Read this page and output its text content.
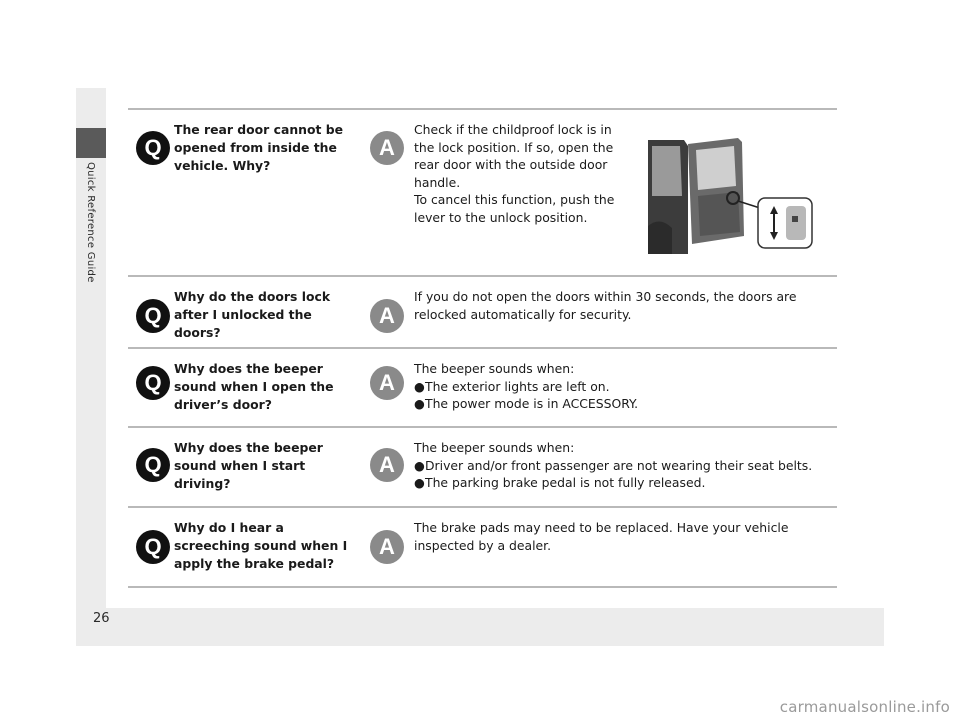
Quick Reference Guide
26
Q
The rear door cannot be opened from inside the vehicle. Why?
A
Check if the childproof lock is in
the lock position. If so, open the
rear door with the outside door
handle.
To cancel this function, push the
lever to the unlock position.
Q
Why do the doors lock after I unlocked the doors?
A
If you do not open the doors within 30 seconds, the doors are
relocked automatically for security.
Q
Why does the beeper sound when I open the driver’s door?
A
The beeper sounds when:
●The exterior lights are left on.
●The power mode is in ACCESSORY.
Q
Why does the beeper sound when I start driving?
A
The beeper sounds when:
●Driver and/or front passenger are not wearing their seat belts.
●The parking brake pedal is not fully released.
Q
Why do I hear a screeching sound when I apply the brake pedal?
A
The brake pads may need to be replaced. Have your vehicle
inspected by a dealer.
carmanualsonline.info
